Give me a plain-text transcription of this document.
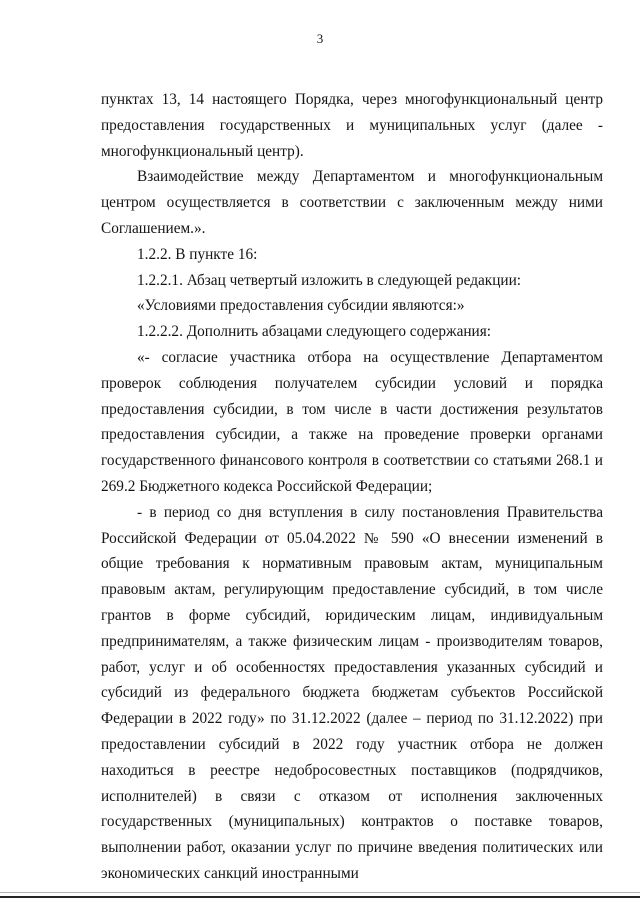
3

пунктах 13, 14 настоящего Порядка, через многофункциональный центр предоставления государственных и муниципальных услуг (далее - многофункциональный центр).

Взаимодействие между Департаментом и многофункциональным центром осуществляется в соответствии с заключенным между ними Соглашением.».

1.2.2. В пункте 16:

1.2.2.1. Абзац четвертый изложить в следующей редакции:

«Условиями предоставления субсидии являются:»

1.2.2.2. Дополнить абзацами следующего содержания:

«- согласие участника отбора на осуществление Департаментом проверок соблюдения получателем субсидии условий и порядка предоставления субсидии, в том числе в части достижения результатов предоставления субсидии, а также на проведение проверки органами государственного финансового контроля в соответствии со статьями 268.1 и 269.2 Бюджетного кодекса Российской Федерации;

- в период со дня вступления в силу постановления Правительства Российской Федерации от 05.04.2022 № 590 «О внесении изменений в общие требования к нормативным правовым актам, муниципальным правовым актам, регулирующим предоставление субсидий, в том числе грантов в форме субсидий, юридическим лицам, индивидуальным предпринимателям, а также физическим лицам - производителям товаров, работ, услуг и об особенностях предоставления указанных субсидий и субсидий из федерального бюджета бюджетам субъектов Российской Федерации в 2022 году» по 31.12.2022 (далее – период по 31.12.2022) при предоставлении субсидий в 2022 году участник отбора не должен находиться в реестре недобросовестных поставщиков (подрядчиков, исполнителей) в связи с отказом от исполнения заключенных государственных (муниципальных) контрактов о поставке товаров, выполнении работ, оказании услуг по причине введения политических или экономических санкций иностранными
